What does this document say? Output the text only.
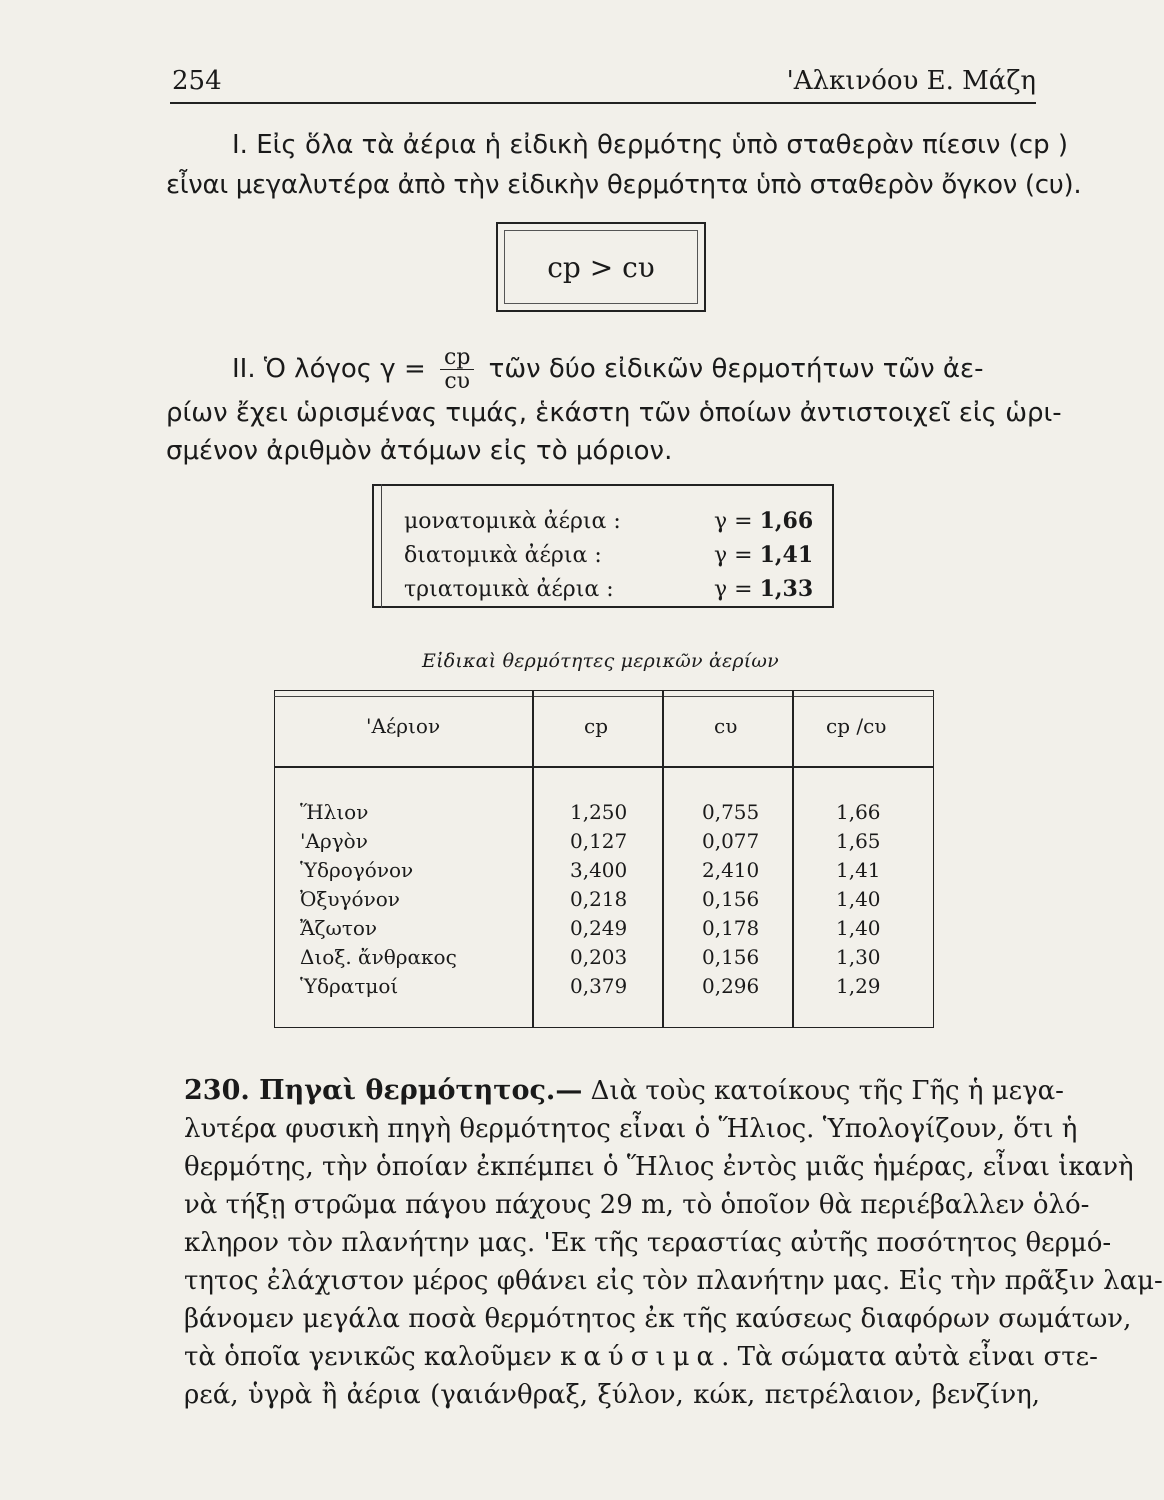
254	'Αλκινόου Ε. Μάζη
I. Εἰς ὅλα τὰ ἀέρια ἡ εἰδικὴ θερμότης ὑπὸ σταθερὰν πίεσιν (cp )
εἶναι μεγαλυτέρα ἀπὸ τὴν εἰδικὴν θερμότητα ὑπὸ σταθερὸν ὄγκον (cυ).
cp > cυ
II. Ὁ λόγος $\gamma = \frac{cp}{c\upsilon}$ τῶν δύο εἰδικῶν θερμοτήτων τῶν ἀε-
ρίων ἔχει ὡρισμένας τιμάς, ἑκάστη τῶν ὁποίων ἀντιστοιχεῖ εἰς ὡρι-
σμένον ἀριθμὸν ἀτόμων εἰς τὸ μόριον.
μονατομικὰ ἀέρια :	γ = 1,66
διατομικὰ ἀέρια :	γ = 1,41
τριατομικὰ ἀέρια :	γ = 1,33
Εἰδικαὶ θερμότητες μερικῶν ἀερίων
'Αέριον	cp	cυ	cp /cυ
Ἥλιον	1,250	0,755	1,66
'Αργὸν	0,127	0,077	1,65
Ὑδρογόνον	3,400	2,410	1,41
Ὀξυγόνον	0,218	0,156	1,40
Ἄζωτον	0,249	0,178	1,40
Διοξ. ἄνθρακος	0,203	0,156	1,30
Ὑδρατμοί	0,379	0,296	1,29
230. Πηγαὶ θερμότητος.— Διὰ τοὺς κατοίκους τῆς Γῆς ἡ μεγα-
λυτέρα φυσικὴ πηγὴ θερμότητος εἶναι ὁ Ἥλιος. Ὑπολογίζουν, ὅτι ἡ
θερμότης, τὴν ὁποίαν ἐκπέμπει ὁ Ἥλιος ἐντὸς μιᾶς ἡμέρας, εἶναι ἱκανὴ
νὰ τήξῃ στρῶμα πάγου πάχους 29 m, τὸ ὁποῖον θὰ περιέβαλλεν ὁλό-
κληρον τὸν πλανήτην μας. 'Εκ τῆς τεραστίας αὐτῆς ποσότητος θερμό-
τητος ἐλάχιστον μέρος φθάνει εἰς τὸν πλανήτην μας. Εἰς τὴν πρᾶξιν λαμ-
βάνομεν μεγάλα ποσὰ θερμότητος ἐκ τῆς καύσεως διαφόρων σωμάτων,
τὰ ὁποῖα γενικῶς καλοῦμεν καύσιμα. Τὰ σώματα αὐτὰ εἶναι στε-
ρεά, ὑγρὰ ἢ ἀέρια (γαιάνθραξ, ξύλον, κώκ, πετρέλαιον, βενζίνη,
